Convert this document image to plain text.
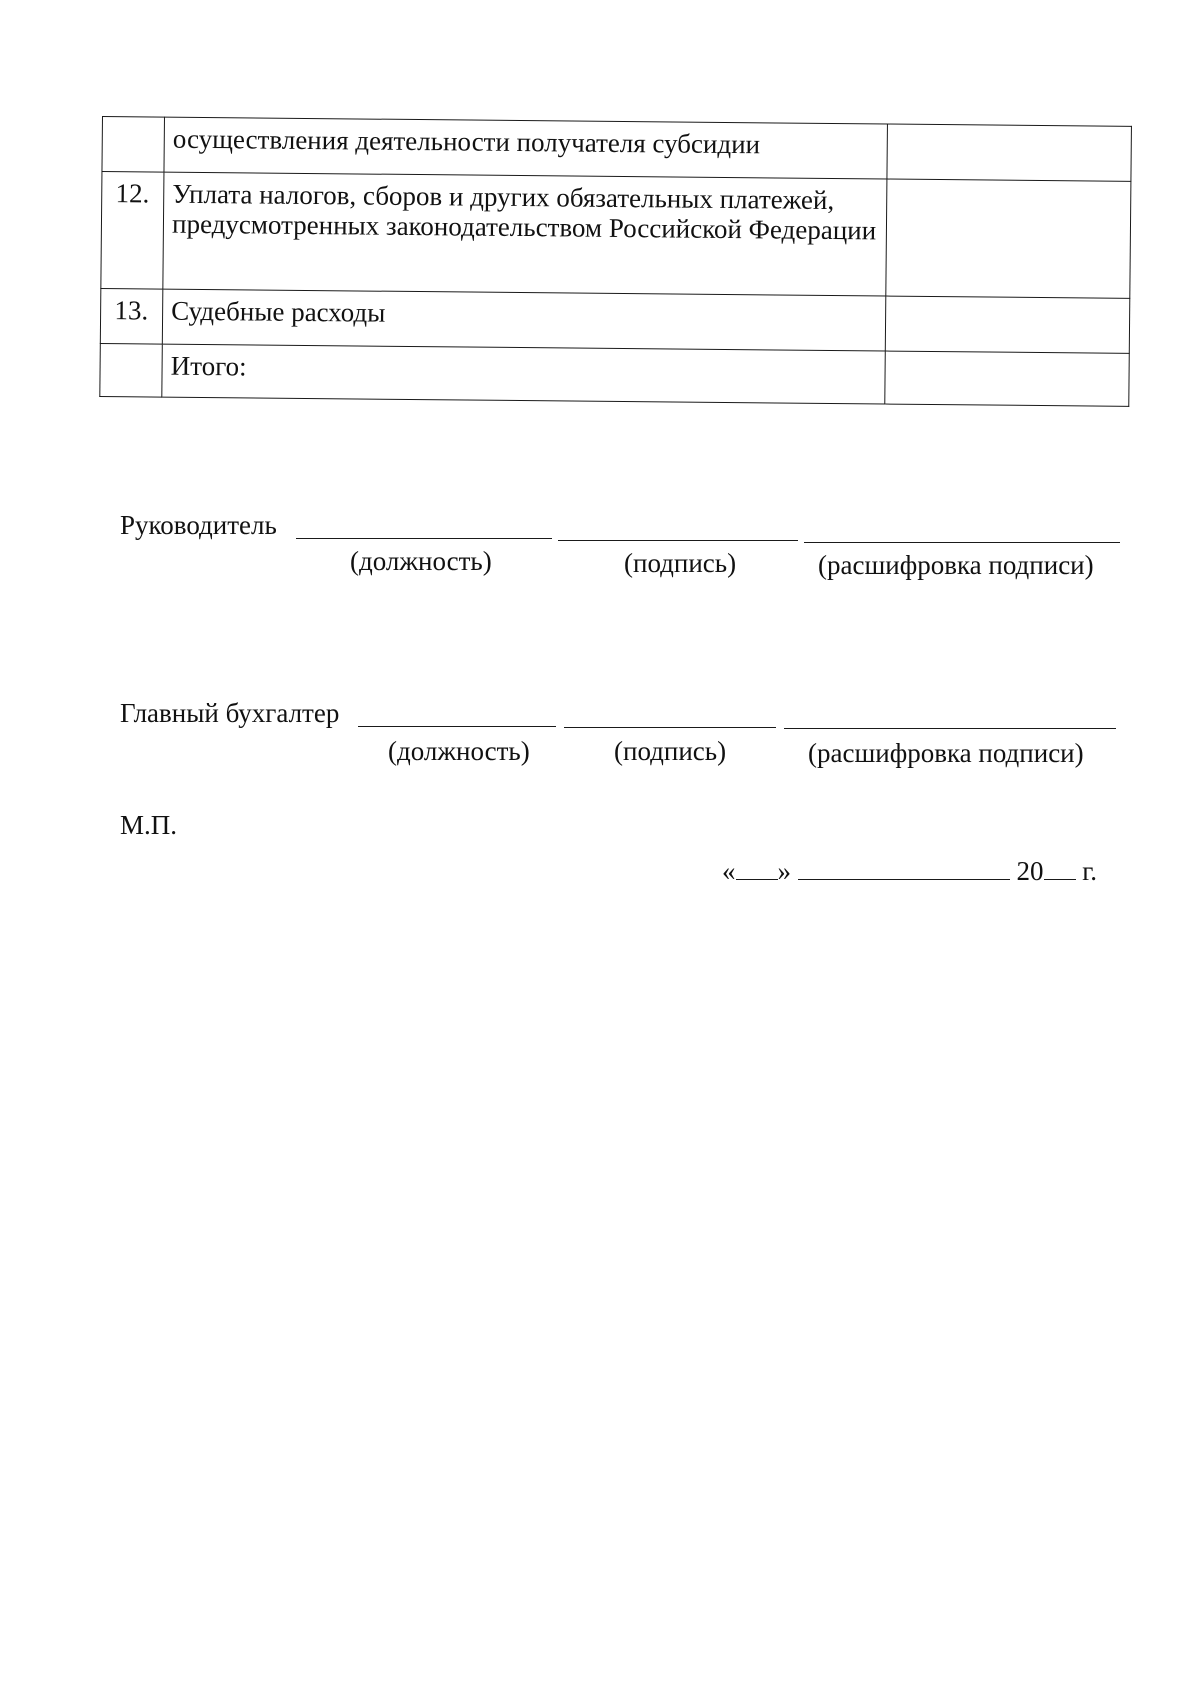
	осуществления деятельности получателя субсидии	
12.	Уплата налогов, сборов и других обязательных платежей, предусмотренных законодательством Российской Федерации	
13.	Судебные расходы	
	Итого:	
Руководитель
(должность)	(подпись)	(расшифровка подписи)
Главный бухгалтер
(должность)	(подпись)	(расшифровка подписи)
М.П.
« »	20 г.
